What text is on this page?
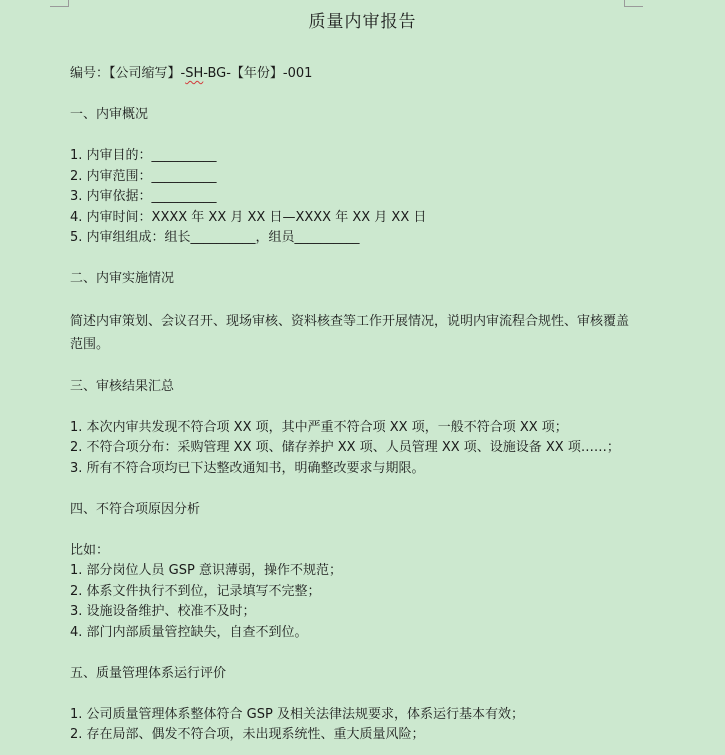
质量内审报告
编号：【公司缩写】-SH-BG-【年份】-001
一、内审概况
1. 内审目的：__________
2. 内审范围：__________
3. 内审依据：__________
4. 内审时间：XXXX 年 XX 月 XX 日—XXXX 年 XX 月 XX 日
5. 内审组组成：组长__________，组员__________
二、内审实施情况
简述内审策划、会议召开、现场审核、资料核查等工作开展情况，说明内审流程合规性、审核覆盖范围。
三、审核结果汇总
1. 本次内审共发现不符合项 XX 项，其中严重不符合项 XX 项，一般不符合项 XX 项；
2. 不符合项分布：采购管理 XX 项、储存养护 XX 项、人员管理 XX 项、设施设备 XX 项……；
3. 所有不符合项均已下达整改通知书，明确整改要求与期限。
四、不符合项原因分析
比如：
1. 部分岗位人员 GSP 意识薄弱，操作不规范；
2. 体系文件执行不到位，记录填写不完整；
3. 设施设备维护、校准不及时；
4. 部门内部质量管控缺失，自查不到位。
五、质量管理体系运行评价
1. 公司质量管理体系整体符合 GSP 及相关法律法规要求，体系运行基本有效；
2. 存在局部、偶发不符合项，未出现系统性、重大质量风险；
